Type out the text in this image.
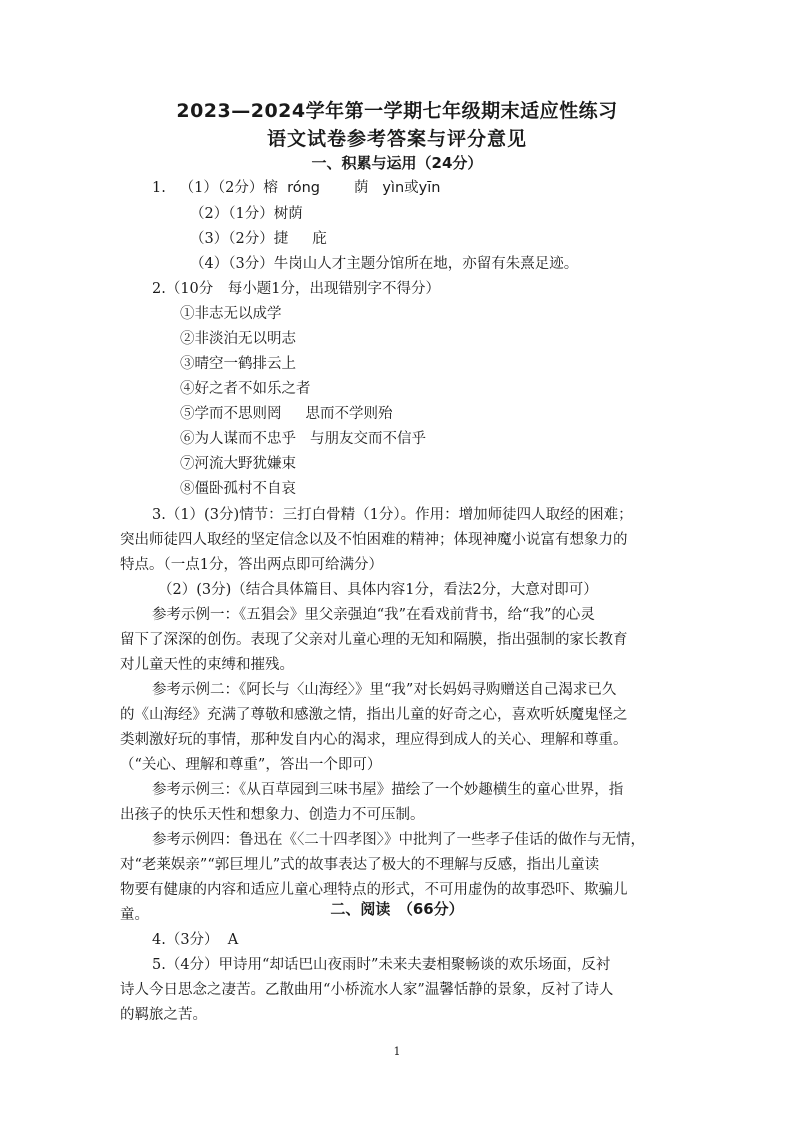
2023—2024学年第一学期七年级期末适应性练习
语文试卷参考答案与评分意见
一、积累与运用（24分）
1. （1）（2分）榕 róng 荫 yìn或yīn
（2）（1分）树荫
（3）（2分）捷 庇
（4）（3分）牛岗山人才主题分馆所在地，亦留有朱熹足迹。
2.（10分　每小题1分，出现错别字不得分）
①非志无以成学
②非淡泊无以明志
③晴空一鹤排云上
④好之者不如乐之者
⑤学而不思则罔 思而不学则殆
⑥为人谋而不忠乎 与朋友交而不信乎
⑦河流大野犹嫌束
⑧僵卧孤村不自哀
3.（1）(3分)情节：三打白骨精（1分）。作用：增加师徒四人取经的困难；
突出师徒四人取经的坚定信念以及不怕困难的精神；体现神魔小说富有想象力的
特点。（一点1分，答出两点即可给满分）
（2）(3分)（结合具体篇目、具体内容1分，看法2分，大意对即可）
参考示例一：《五猖会》里父亲强迫“我”在看戏前背书，给“我”的心灵
留下了深深的创伤。表现了父亲对儿童心理的无知和隔膜，指出强制的家长教育
对儿童天性的束缚和摧残。
参考示例二：《阿长与〈山海经〉》里“我”对长妈妈寻购赠送自己渴求已久
的《山海经》充满了尊敬和感激之情，指出儿童的好奇之心，喜欢听妖魔鬼怪之
类刺激好玩的事情，那种发自内心的渴求，理应得到成人的关心、理解和尊重。
（“关心、理解和尊重”，答出一个即可）
参考示例三：《从百草园到三味书屋》描绘了一个妙趣横生的童心世界，指
出孩子的快乐天性和想象力、创造力不可压制。
参考示例四：鲁迅在《〈二十四孝图〉》中批判了一些孝子佳话的做作与无情，
对“老莱娱亲”“郭巨埋儿”式的故事表达了极大的不理解与反感，指出儿童读
物要有健康的内容和适应儿童心理特点的形式，不可用虚伪的故事恐吓、欺骗儿
童。	二、阅读　（66分）
4.（3分）  A
5.（4分）甲诗用“却话巴山夜雨时”未来夫妻相聚畅谈的欢乐场面，反衬
诗人今日思念之凄苦。乙散曲用“小桥流水人家”温馨恬静的景象，反衬了诗人
的羁旅之苦。
1
